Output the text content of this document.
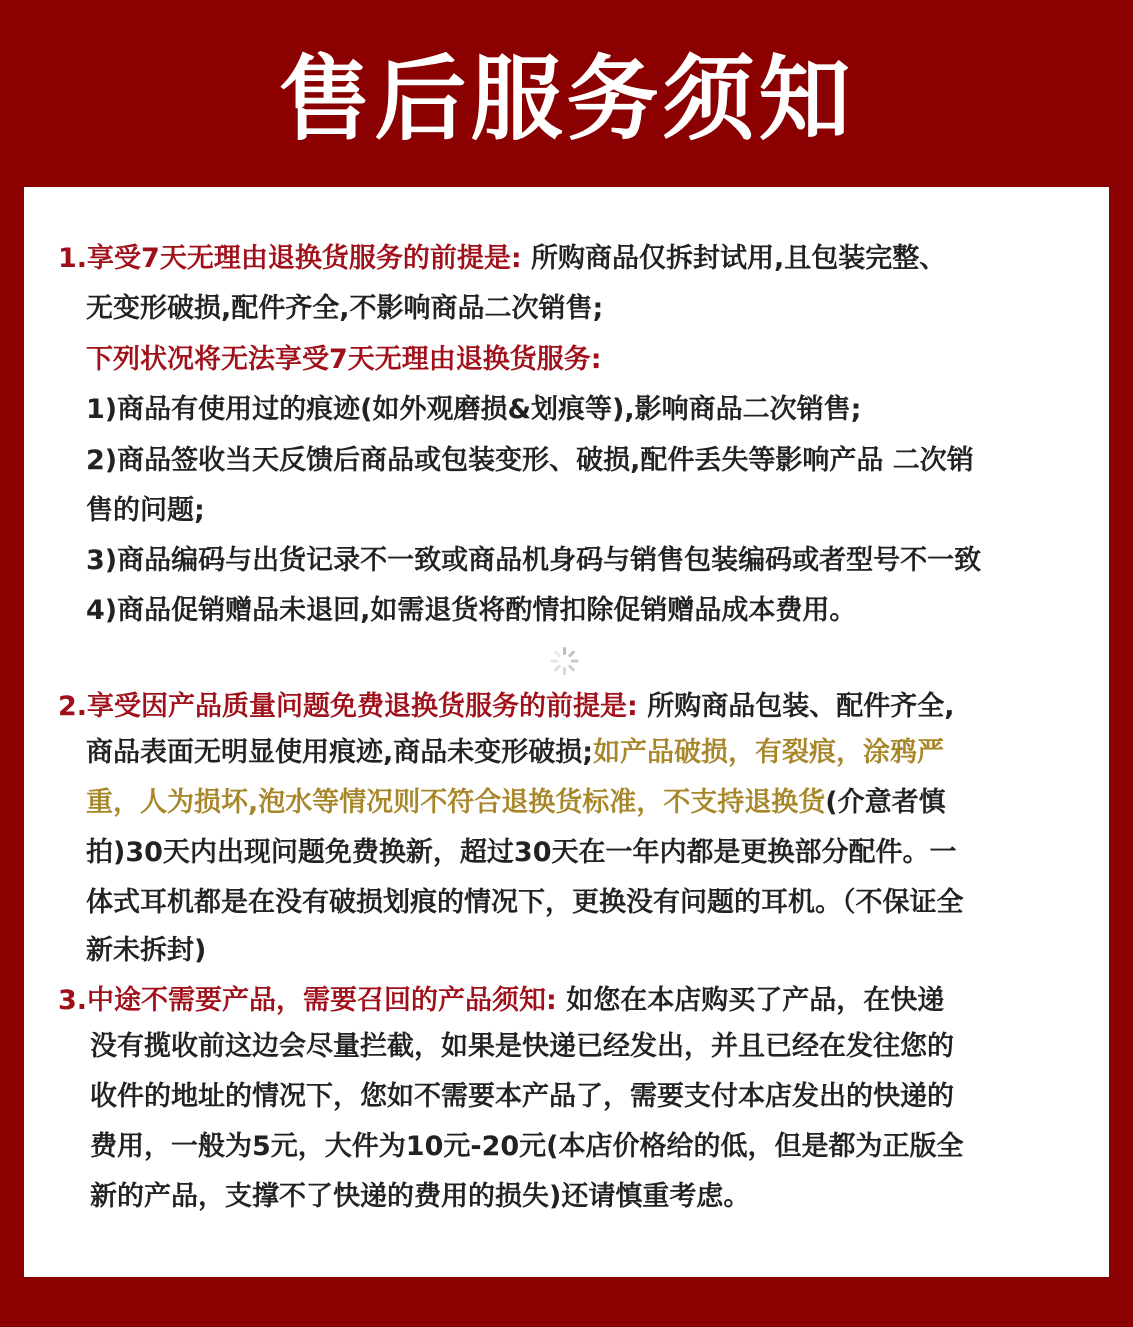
售后服务须知
1.享受7天无理由退换货服务的前提是: 所购商品仅拆封试用,且包装完整、
无变形破损,配件齐全,不影响商品二次销售;
下列状况将无法享受7天无理由退换货服务:
1)商品有使用过的痕迹(如外观磨损&划痕等),影响商品二次销售;
2)商品签收当天反馈后商品或包装变形、破损,配件丢失等影响产品 二次销
售的问题;
3)商品编码与出货记录不一致或商品机身码与销售包装编码或者型号不一致
4)商品促销赠品未退回,如需退货将酌情扣除促销赠品成本费用。
2.享受因产品质量问题免费退换货服务的前提是: 所购商品包装、配件齐全,
商品表面无明显使用痕迹,商品未变形破损;如产品破损，有裂痕，涂鸦严
重，人为损坏,泡水等情况则不符合退换货标准，不支持退换货(介意者慎
拍)30天内出现问题免费换新，超过30天在一年内都是更换部分配件。一
体式耳机都是在没有破损划痕的情况下，更换没有问题的耳机。（不保证全
新未拆封)
3.中途不需要产品，需要召回的产品须知: 如您在本店购买了产品，在快递
没有揽收前这边会尽量拦截，如果是快递已经发出，并且已经在发往您的
收件的地址的情况下，您如不需要本产品了，需要支付本店发出的快递的
费用，一般为5元，大件为10元-20元(本店价格给的低，但是都为正版全
新的产品，支撑不了快递的费用的损失)还请慎重考虑。
